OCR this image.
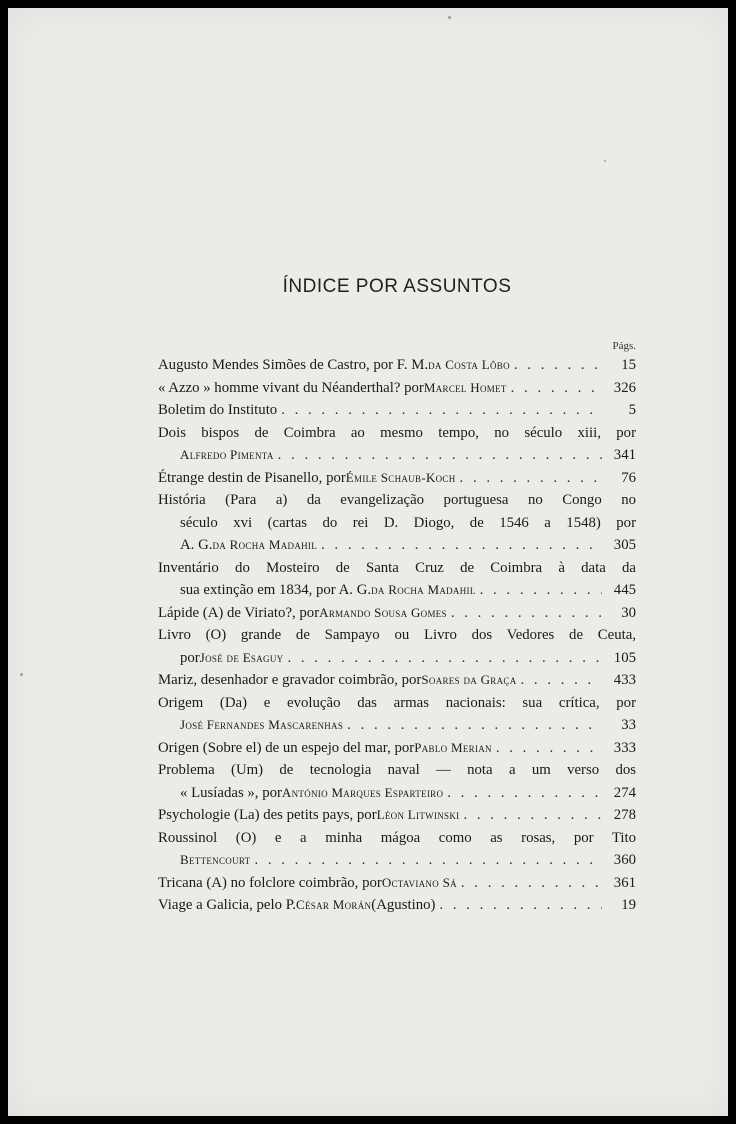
ÍNDICE POR ASSUNTOS
Págs.
Augusto Mendes Simões de Castro, por F. M. da Costa Lôbo . . .	15
« Azzo » homme vivant du Néanderthal? por Marcel Homet . . .	326
Boletim do Instituto . . .	5
Dois bispos de Coimbra ao mesmo tempo, no século xiii, por
Alfredo Pimenta . . .	341
Étrange destin de Pisanello, por Émile Schaub-Koch . . .	76
História (Para a) da evangelização portuguesa no Congo no
século xvi (cartas do rei D. Diogo, de 1546 a 1548) por
A. G. da Rocha Madahil . . .	305
Inventário do Mosteiro de Santa Cruz de Coimbra à data da
sua extinção em 1834, por A. G. da Rocha Madahil . . .	445
Lápide (A) de Viriato?, por Armando Sousa Gomes . . .	30
Livro (O) grande de Sampayo ou Livro dos Vedores de Ceuta,
por José de Esaguy . . .	105
Mariz, desenhador e gravador coimbrão, por Soares da Graça . . .	433
Origem (Da) e evolução das armas nacionais: sua crítica, por
José Fernandes Mascarenhas . . .	33
Origen (Sobre el) de un espejo del mar, por Pablo Merian . . .	333
Problema (Um) de tecnologia naval — nota a um verso dos
« Lusíadas », por António Marques Esparteiro . . .	274
Psychologie (La) des petits pays, por Léon Litwinski . . .	278
Roussinol (O) e a minha mágoa como as rosas, por Tito
Bettencourt . . .	360
Tricana (A) no folclore coimbrão, por Octaviano Sá . . .	361
Viage a Galicia, pelo P. César Morán (Agustino) . . .	19
